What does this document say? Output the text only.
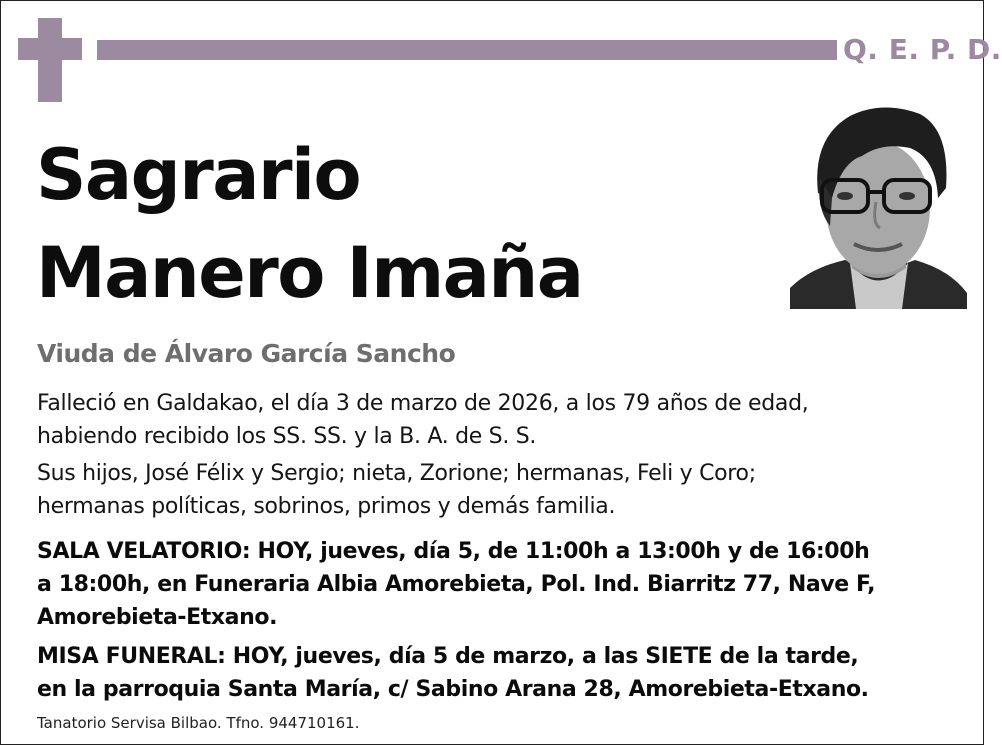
Q. E. P. D.
Sagrario
Manero Imaña
Viuda de Álvaro García Sancho
Falleció en Galdakao, el día 3 de marzo de 2026, a los 79 años de edad,
habiendo recibido los SS. SS. y la B. A. de S. S.
Sus hijos, José Félix y Sergio; nieta, Zorione; hermanas, Feli y Coro;
hermanas políticas, sobrinos, primos y demás familia.
SALA VELATORIO: HOY, jueves, día 5, de 11:00h a 13:00h y de 16:00h
a 18:00h, en Funeraria Albia Amorebieta, Pol. Ind. Biarritz 77, Nave F,
Amorebieta-Etxano.
MISA FUNERAL: HOY, jueves, día 5 de marzo, a las SIETE de la tarde,
en la parroquia Santa María, c/ Sabino Arana 28, Amorebieta-Etxano.
Tanatorio Servisa Bilbao. Tfno. 944710161.
